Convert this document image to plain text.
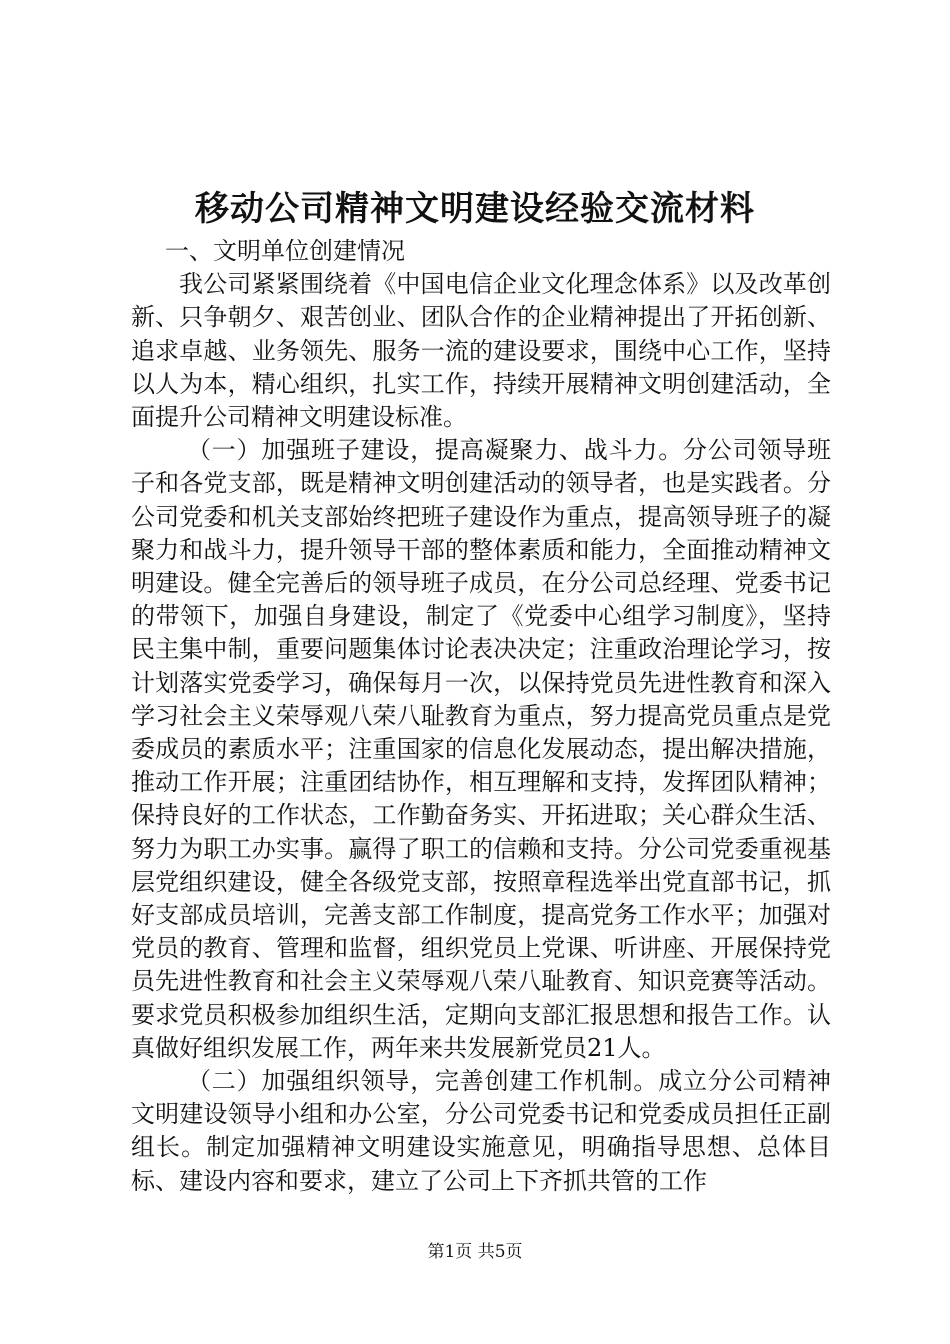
移动公司精神文明建设经验交流材料

一、文明单位创建情况

我公司紧紧围绕着《中国电信企业文化理念体系》以及改革创新、只争朝夕、艰苦创业、团队合作的企业精神提出了开拓创新、追求卓越、业务领先、服务一流的建设要求，围绕中心工作，坚持以人为本，精心组织，扎实工作，持续开展精神文明创建活动，全面提升公司精神文明建设标准。

（一）加强班子建设，提高凝聚力、战斗力。分公司领导班子和各党支部，既是精神文明创建活动的领导者，也是实践者。分公司党委和机关支部始终把班子建设作为重点，提高领导班子的凝聚力和战斗力，提升领导干部的整体素质和能力，全面推动精神文明建设。健全完善后的领导班子成员，在分公司总经理、党委书记的带领下，加强自身建设，制定了《党委中心组学习制度》，坚持民主集中制，重要问题集体讨论表决决定；注重政治理论学习，按计划落实党委学习，确保每月一次，以保持党员先进性教育和深入学习社会主义荣辱观八荣八耻教育为重点，努力提高党员重点是党委成员的素质水平；注重国家的信息化发展动态，提出解决措施，推动工作开展；注重团结协作，相互理解和支持，发挥团队精神；保持良好的工作状态，工作勤奋务实、开拓进取；关心群众生活、努力为职工办实事。赢得了职工的信赖和支持。分公司党委重视基层党组织建设，健全各级党支部，按照章程选举出党直部书记，抓好支部成员培训，完善支部工作制度，提高党务工作水平；加强对党员的教育、管理和监督，组织党员上党课、听讲座、开展保持党员先进性教育和社会主义荣辱观八荣八耻教育、知识竞赛等活动。要求党员积极参加组织生活，定期向支部汇报思想和报告工作。认真做好组织发展工作，两年来共发展新党员21人。

（二）加强组织领导，完善创建工作机制。成立分公司精神文明建设领导小组和办公室，分公司党委书记和党委成员担任正副组长。制定加强精神文明建设实施意见，明确指导思想、总体目标、建设内容和要求，建立了公司上下齐抓共管的工作

第1页 共5页
